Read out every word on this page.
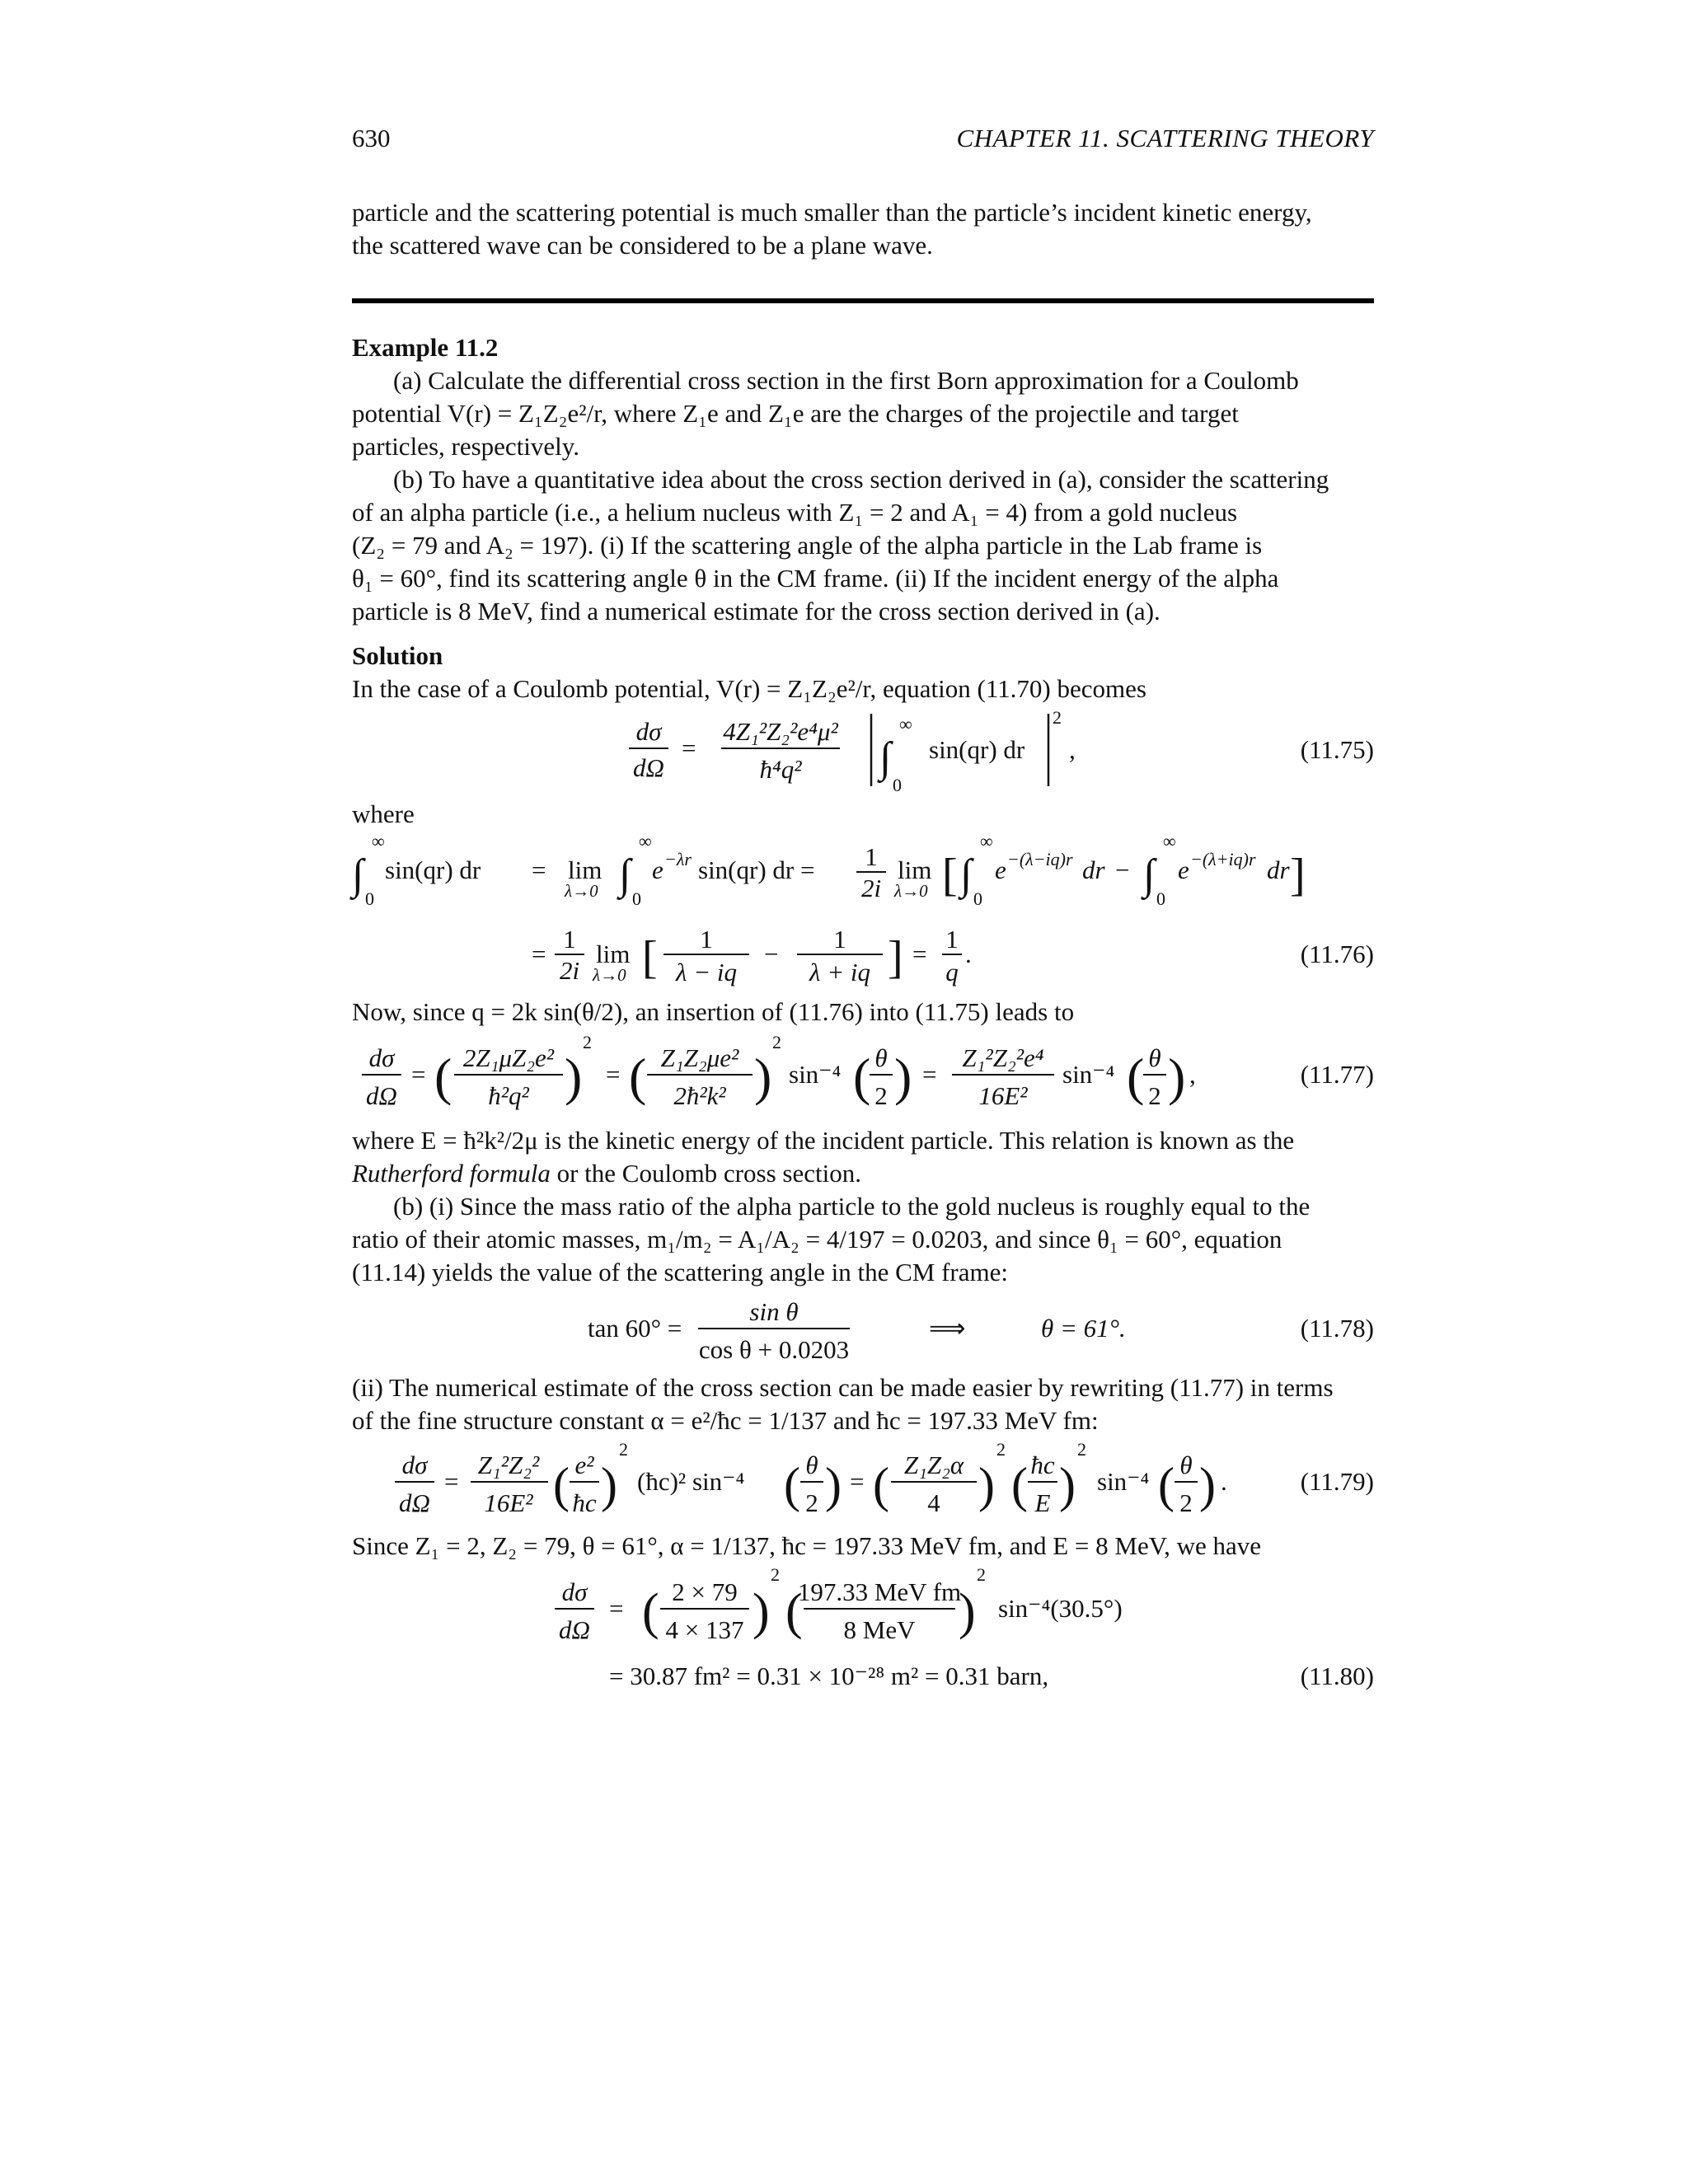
630	CHAPTER 11. SCATTERING THEORY

particle and the scattering potential is much smaller than the particle’s incident kinetic energy,

the scattered wave can be considered to be a plane wave.

Example 11.2

(a) Calculate the differential cross section in the first Born approximation for a Coulomb

potential V(r) = Z₁Z₂e²/r, where Z₁e and Z₁e are the charges of the projectile and target

particles, respectively.

(b) To have a quantitative idea about the cross section derived in (a), consider the scattering

of an alpha particle (i.e., a helium nucleus with Z₁ = 2 and A₁ = 4) from a gold nucleus

(Z₂ = 79 and A₂ = 197). (i) If the scattering angle of the alpha particle in the Lab frame is

θ₁ = 60°, find its scattering angle θ in the CM frame. (ii) If the incident energy of the alpha

particle is 8 MeV, find a numerical estimate for the cross section derived in (a).

Solution

In the case of a Coulomb potential, V(r) = Z₁Z₂e²/r, equation (11.70) becomes

dσ
dΩ
=
4Z₁²Z₂²e⁴μ²
ħ⁴q² ∫
∞
0
sin(qr) dr
2
,	(11.75)

where

∫
∞
0
sin(qr) dr = lim
λ→0 ∫
∞
0
e −λr sin(qr) dr = 1
2i
lim
λ→0 [ ∫
∞
0
e −(λ−iq)r dr − ∫
∞
0
e −(λ+iq)r dr ]
=
1
2i
lim
λ→0 [ 1
λ − iq
−
1
λ + iq ] =
1
q
.	(11.76)

Now, since q = 2k sin(θ/2), an insertion of (11.76) into (11.75) leads to

dσ
dΩ
= ( 2Z₁μZ₂e²
ħ²q² )
2
= ( Z₁Z₂μe²
2ħ²k² )
2
sin⁻⁴ ( θ
2 ) =
Z₁²Z₂²e⁴
16E²
sin⁻⁴ ( θ
2 ) ,	(11.77)

where E = ħ²k²/2μ is the kinetic energy of the incident particle. This relation is known as the

Rutherford formula or the Coulomb cross section.

(b) (i) Since the mass ratio of the alpha particle to the gold nucleus is roughly equal to the

ratio of their atomic masses, m₁/m₂ = A₁/A₂ = 4/197 = 0.0203, and since θ₁ = 60°, equation

(11.14) yields the value of the scattering angle in the CM frame:

tan 60° =
sin θ
cos θ + 0.0203
⟹	θ = 61°.	(11.78)

(ii) The numerical estimate of the cross section can be made easier by rewriting (11.77) in terms

of the fine structure constant α = e²/ħc = 1/137 and ħc = 197.33 MeV fm:

dσ
dΩ
=
Z₁²Z₂²
16E² ( e²
ħc )
2
(ħc)² sin⁻⁴ ( θ
2 ) = ( Z₁Z₂α
4 )
2
( ħc
E )
2
sin⁻⁴ ( θ
2 ) .	(11.79)

Since Z₁ = 2, Z₂ = 79, θ = 61°, α = 1/137, ħc = 197.33 MeV fm, and E = 8 MeV, we have

dσ
dΩ
= ( 2 × 79
4 × 137 )
2
(
197.33 MeV fm
8 MeV )
2
sin⁻⁴(30.5°)
= 30.87 fm² = 0.31 × 10⁻²⁸ m² = 0.31 barn,	(11.80)
